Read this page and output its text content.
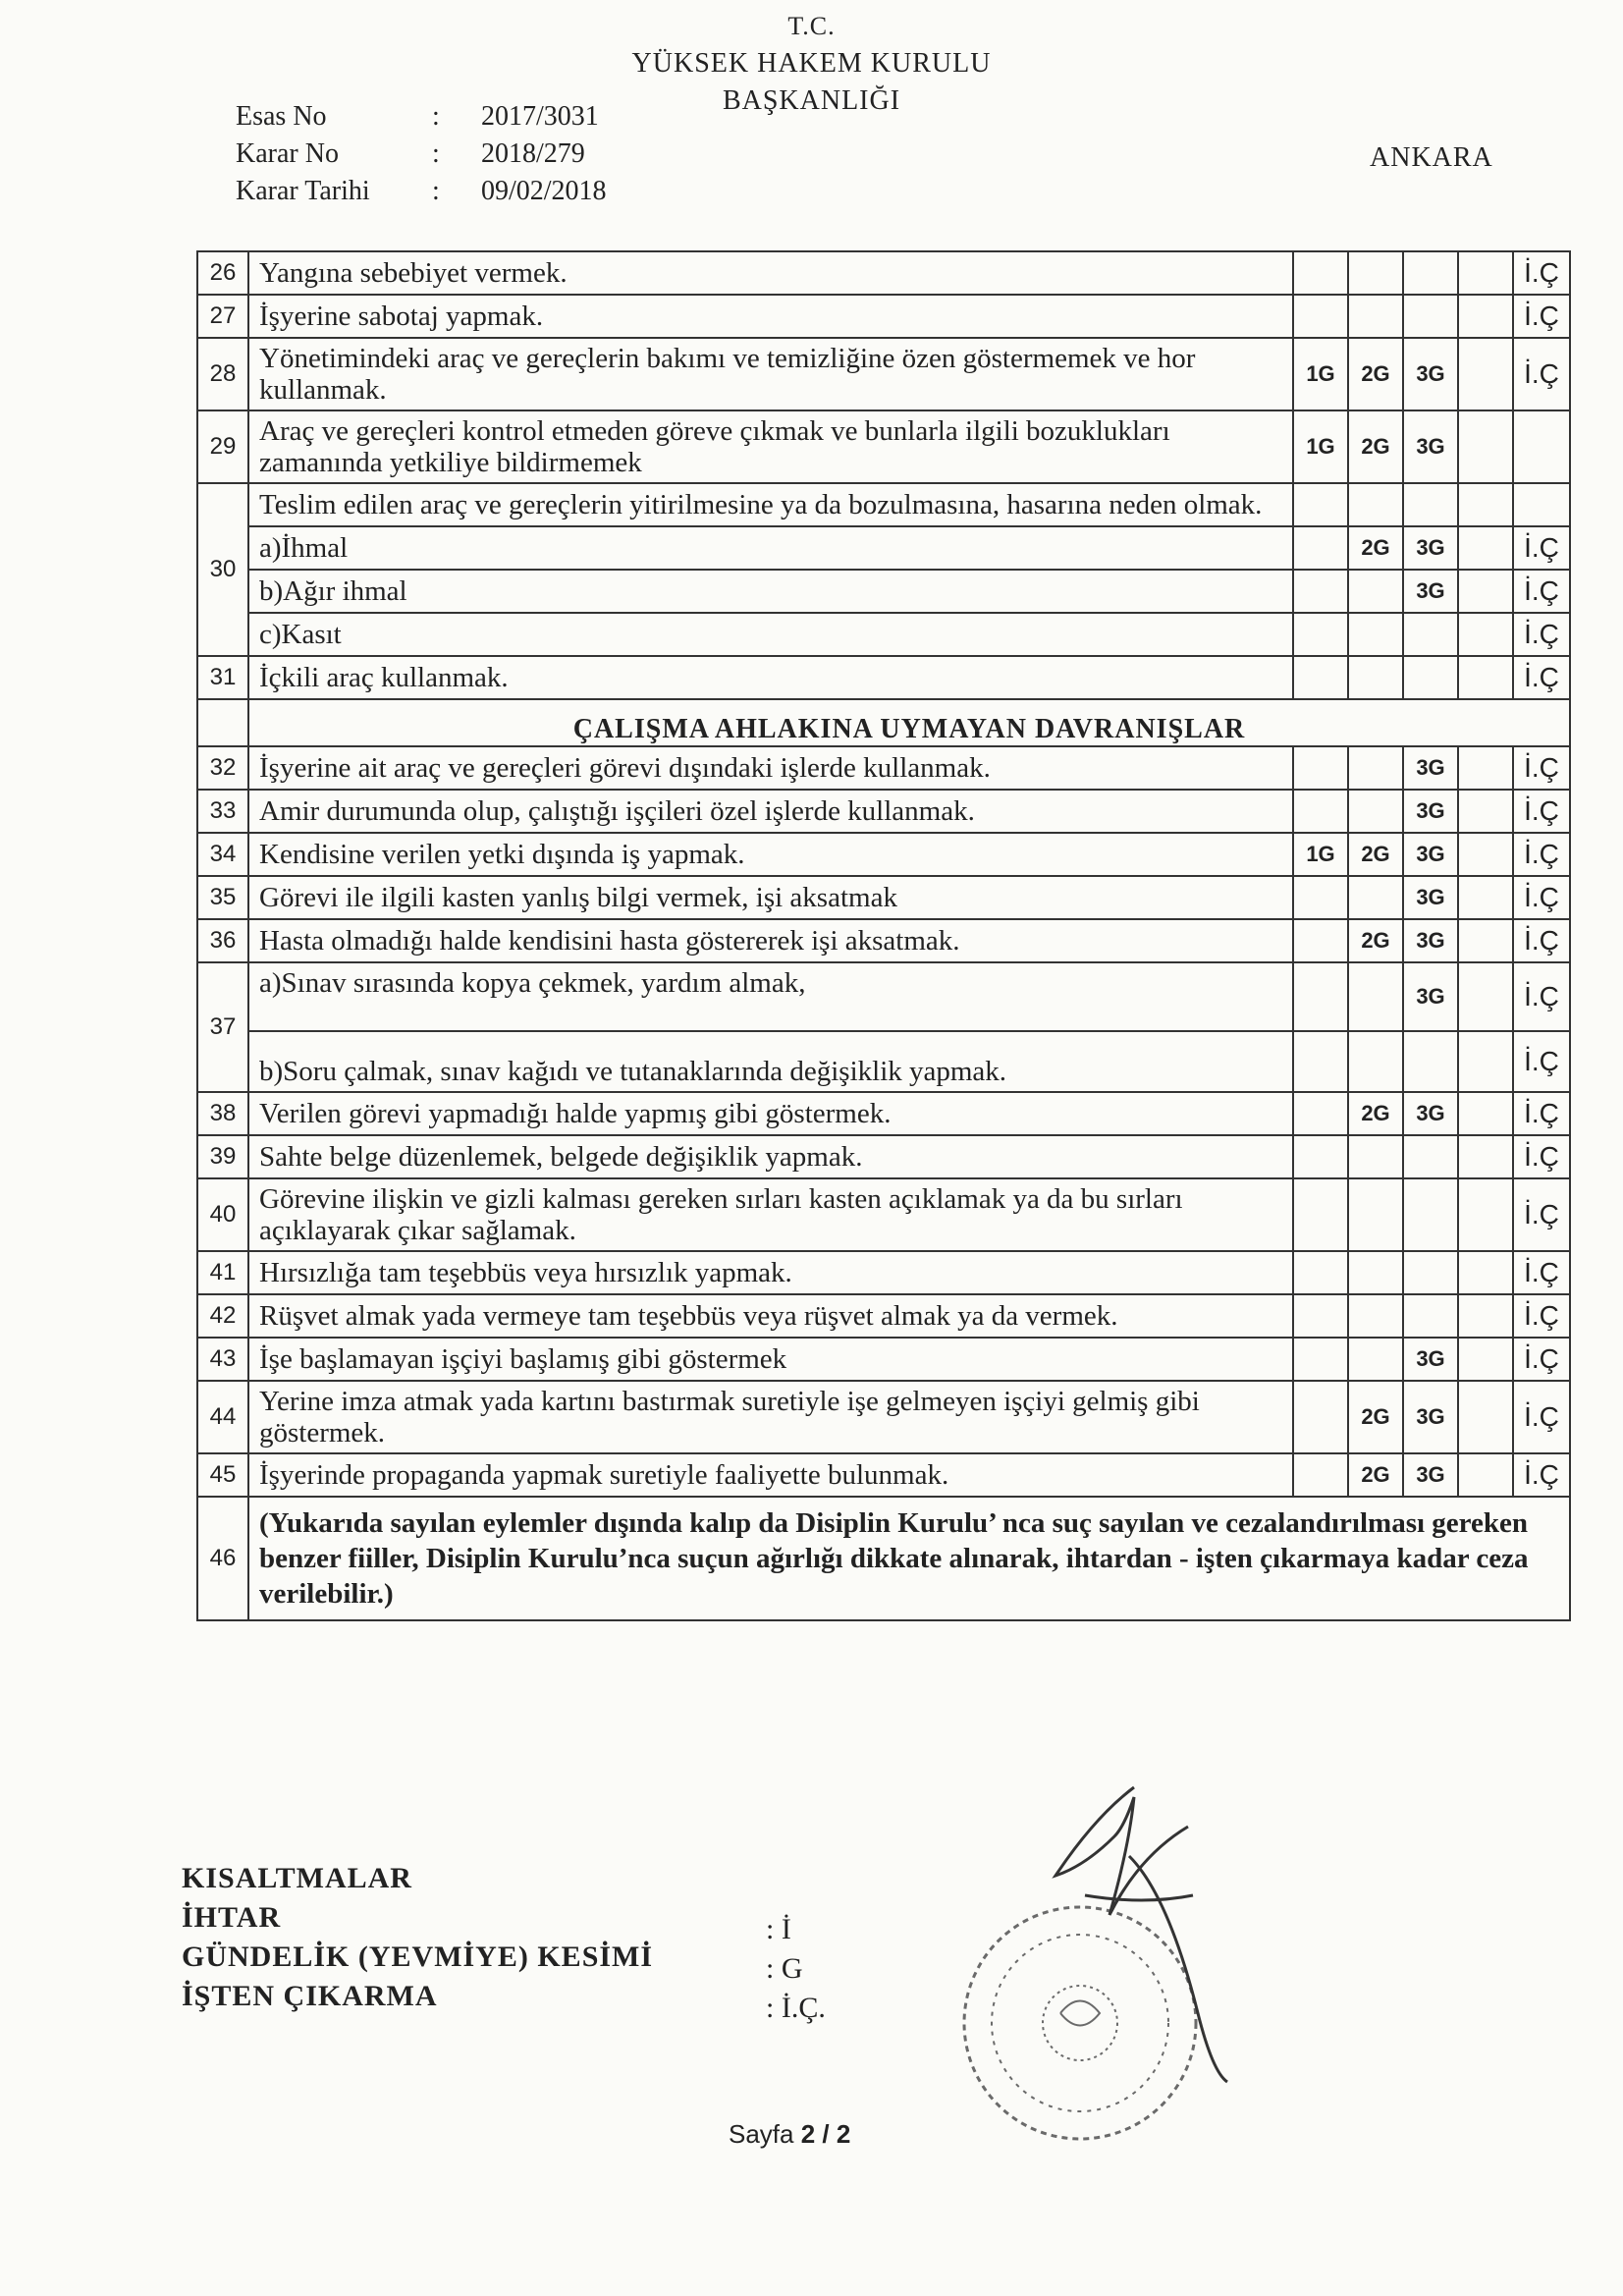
T.C.
YÜKSEK HAKEM KURULU
BAŞKANLIĞI
Esas No	:	2017/3031
Karar No	:	2018/279
Karar Tarihi	:	09/02/2018
ANKARA
26	Yangına sebebiyet vermek.					İ.Ç
27	İşyerine sabotaj yapmak.					İ.Ç
28	Yönetimindeki araç ve gereçlerin bakımı ve temizliğine özen göstermemek ve hor kullanmak.	1G	2G	3G		İ.Ç
29	Araç ve gereçleri kontrol etmeden göreve çıkmak ve bunlarla ilgili bozuklukları zamanında yetkiliye bildirmemek	1G	2G	3G		
30	Teslim edilen araç ve gereçlerin yitirilmesine ya da bozulmasına, hasarına neden olmak.					
	a)İhmal		2G	3G		İ.Ç
	b)Ağır ihmal			3G		İ.Ç
	c)Kasıt					İ.Ç
31	İçkili araç kullanmak.					İ.Ç
	ÇALIŞMA AHLAKINA UYMAYAN DAVRANIŞLAR					
32	İşyerine ait araç ve gereçleri görevi dışındaki işlerde kullanmak.			3G		İ.Ç
33	Amir durumunda olup, çalıştığı işçileri özel işlerde kullanmak.			3G		İ.Ç
34	Kendisine verilen yetki dışında iş yapmak.	1G	2G	3G		İ.Ç
35	Görevi ile ilgili kasten yanlış bilgi vermek, işi aksatmak			3G		İ.Ç
36	Hasta olmadığı halde kendisini hasta göstererek işi aksatmak.		2G	3G		İ.Ç
37	a)Sınav sırasında kopya çekmek, yardım almak,			3G		İ.Ç
	b)Soru çalmak, sınav kağıdı ve tutanaklarında değişiklik yapmak.					İ.Ç
38	Verilen görevi yapmadığı halde yapmış gibi göstermek.		2G	3G		İ.Ç
39	Sahte belge düzenlemek, belgede değişiklik yapmak.					İ.Ç
40	Görevine ilişkin ve gizli kalması gereken sırları kasten açıklamak ya da bu sırları açıklayarak çıkar sağlamak.					İ.Ç
41	Hırsızlığa tam teşebbüs veya hırsızlık yapmak.					İ.Ç
42	Rüşvet almak yada vermeye tam teşebbüs veya rüşvet almak ya da vermek.					İ.Ç
43	İşe başlamayan işçiyi başlamış gibi göstermek			3G		İ.Ç
44	Yerine imza atmak yada kartını bastırmak suretiyle işe gelmeyen işçiyi gelmiş gibi göstermek.		2G	3G		İ.Ç
45	İşyerinde propaganda yapmak suretiyle faaliyette bulunmak.		2G	3G		İ.Ç
46	(Yukarıda sayılan eylemler dışında kalıp da Disiplin Kurulu’ nca suç sayılan ve cezalandırılması gereken benzer fiiller, Disiplin Kurulu’nca suçun ağırlığı dikkate alınarak, ihtardan - işten çıkarmaya kadar ceza verilebilir.)					
KISALTMALAR
İHTAR
GÜNDELİK (YEVMİYE) KESİMİ
İŞTEN ÇIKARMA
: İ
: G
: İ.Ç.
Sayfa 2 / 2
